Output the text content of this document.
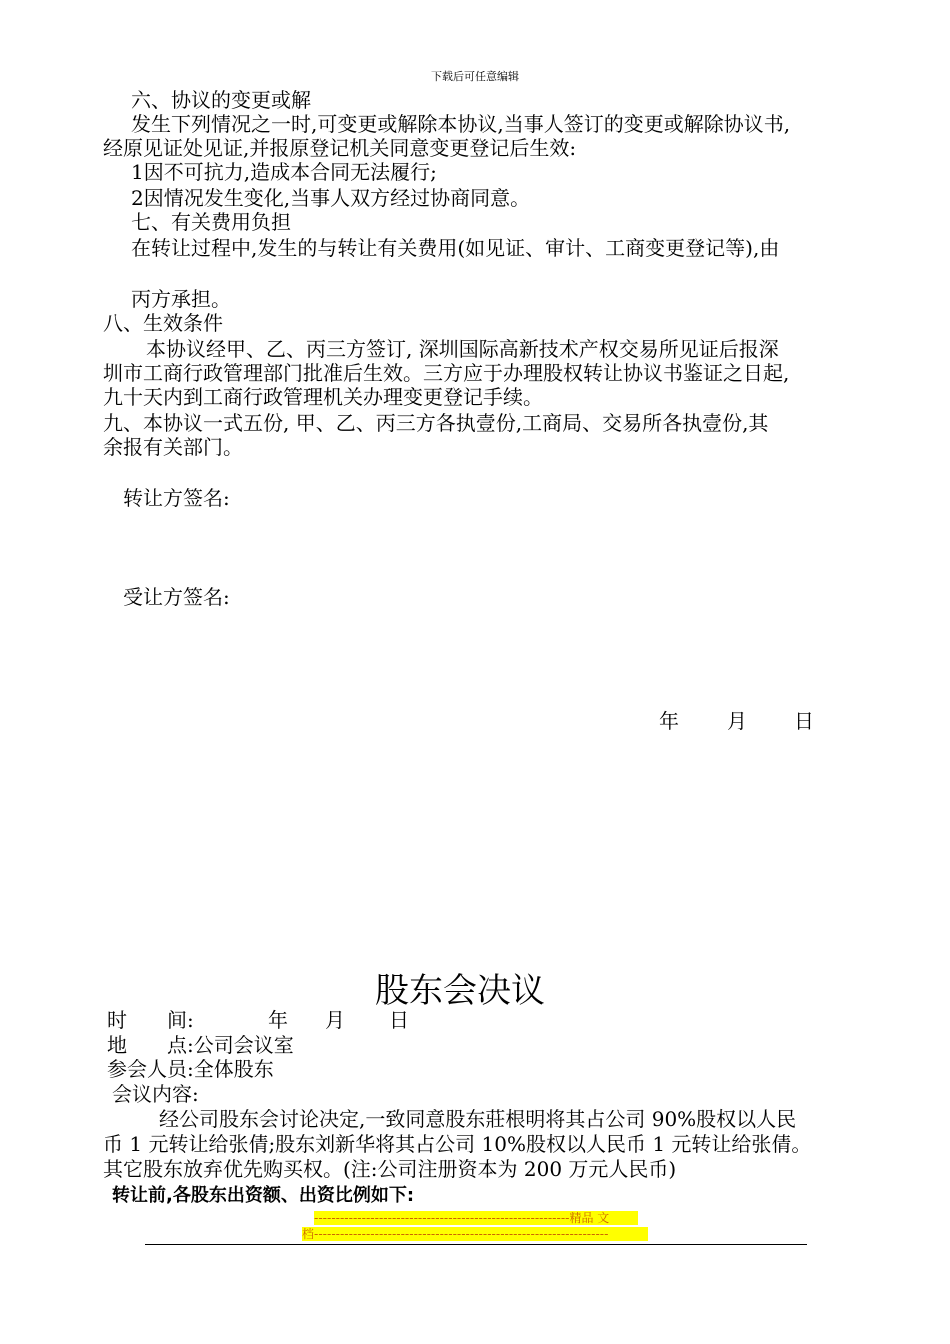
下载后可任意编辑
六、协议的变更或解
发生下列情况之一时,可变更或解除本协议,当事人签订的变更或解除协议书,
经原见证处见证,并报原登记机关同意变更登记后生效:
1因不可抗力,造成本合同无法履行;
2因情况发生变化,当事人双方经过协商同意。
七、有关费用负担
在转让过程中,发生的与转让有关费用(如见证、审计、工商变更登记等),由
丙方承担。
八、生效条件
本协议经甲、乙、丙三方签订, 深圳国际高新技术产权交易所见证后报深
圳市工商行政管理部门批准后生效。三方应于办理股权转让协议书鉴证之日起,
九十天内到工商行政管理机关办理变更登记手续。
九、本协议一式五份, 甲、乙、丙三方各执壹份,工商局、交易所各执壹份,其
余报有关部门。
转让方签名:
受让方签名:
年 月 日
股东会决议
时　　间:	年 月 日
地　　点:公司会议室
参会人员:全体股东
会议内容:
经公司股东会讨论决定,一致同意股东莊根明将其占公司 90%股权以人民
币 1 元转让给张倩;股东刘新华将其占公司 10%股权以人民币 1 元转让给张倩。
其它股东放弃优先购买权。(注:公司注册资本为 200 万元人民币)
转让前,各股东出资额、出资比例如下:
-----------------------------------------------------------精品 文
档--------------------------------------------------------------------
